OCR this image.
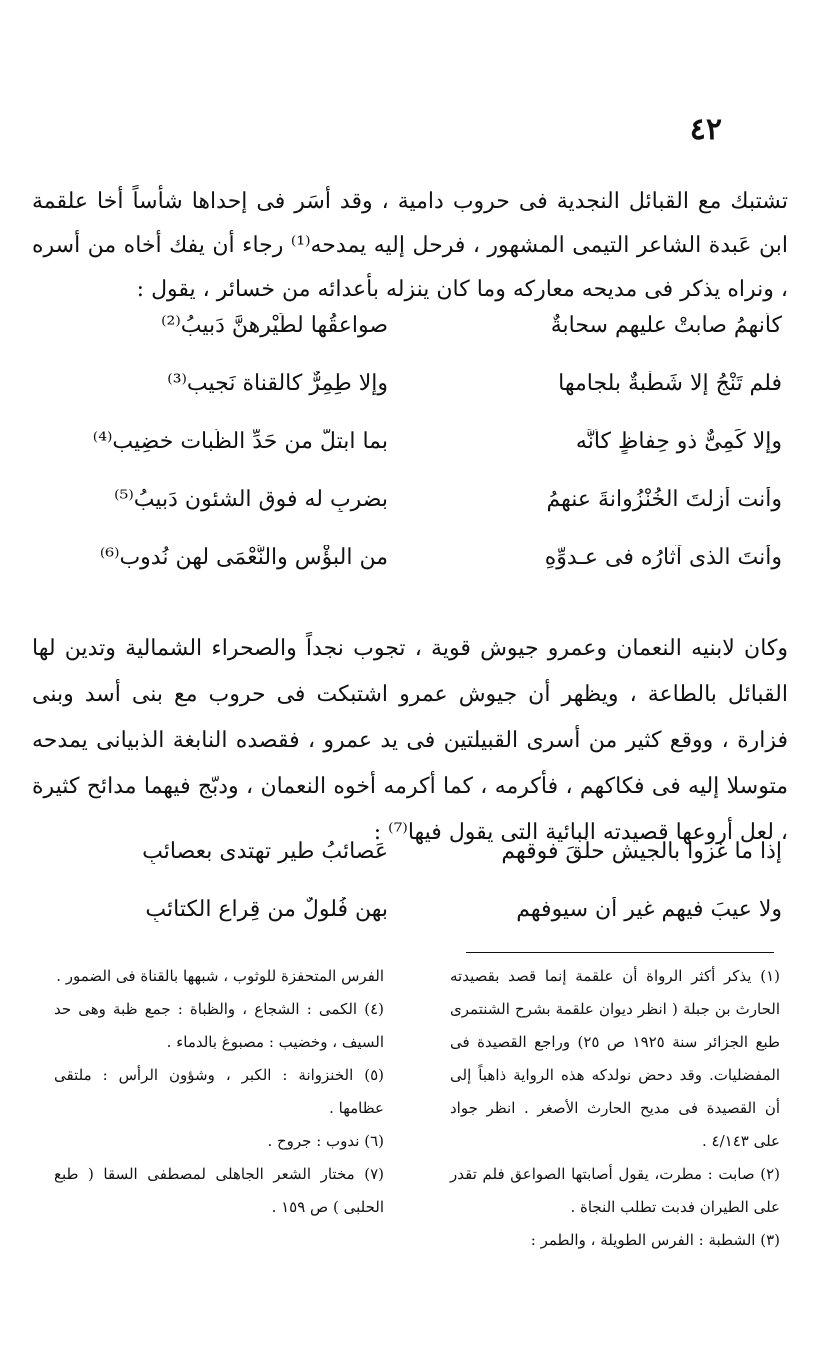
٤٢

تشتبك مع القبائل النجدية فى حروب دامية ، وقد أسَر فى إحداها شأساً أخا علقمة ابن عَبدة الشاعر التيمى المشهور ، فرحل إليه يمدحه⁽¹⁾ رجاء أن يفك أخاه من أسره ، ونراه يذكر فى مديحه معاركه وما كان ينزله بأعدائه من خسائر ، يقول :

كأنهمُ صابتْ عليهم سحابةٌ
صواعقُها لطَيْرهنَّ دَبيبُ⁽²⁾
فلم تَنْجُ إلا شَطْبةٌ بلجامها
وإلا طِمِرٌّ كالقناة نَجيب⁽³⁾
وإلا كَمِىٌّ ذو حِفاظٍ كأنَّه
بما ابتلَّ من حَدِّ الظُّبات خضِيب⁽⁴⁾
وأنت أزلتَ الخُنْزُوانةَ عنهمُ
بضربٍ له فوق الشئون دَبيبُ⁽⁵⁾
وأنتَ الذى آثارُه فى عـدوِّهِ
من البؤْس والنُّعْمَى لهن نُدوب⁽⁶⁾

وكان لابنيه النعمان وعمرو جيوش قوية ، تجوب نجداً والصحراء الشمالية وتدين لها القبائل بالطاعة ، ويظهر أن جيوش عمرو اشتبكت فى حروب مع بنى أسد وبنى فزارة ، ووقع كثير من أسرى القبيلتين فى يد عمرو ، فقصده النابغة الذبيانى يمدحه متوسلا إليه فى فكاكهم ، فأكرمه ، كما أكرمه أخوه النعمان ، ودبّج فيهما مدائح كثيرة ، لعل أروعها قصيدته البائية التى يقول فيها⁽⁷⁾ :

إذا ما غزوا بالجيش حلّقَ فوقهم
عَصائبُ طيرٍ تهتدى بعصائبِ
ولا عيبَ فيهم غير أن سيوفهم
بهن فُلولٌ من قِراعِ الكتائبِ

(١) يذكر أكثر الرواة أن علقمة إنما قصد بقصيدته الحارث بن جبلة ( انظر ديوان علقمة بشرح الشنتمرى طبع الجزائر سنة ١٩٢٥ ص ٢٥) وراجع القصيدة فى المفضليات. وقد دحض نولدكه هذه الرواية ذاهباً إلى أن القصيدة فى مديح الحارث الأصغر . انظر جواد على ٤/١٤٣ .

(٢) صابت : مطرت، يقول أصابتها الصواعق فلم تقدر على الطيران فدبت تطلب النجاة .

(٣) الشطبة : الفرس الطويلة ، والطمر :

الفرس المتحفزة للوثوب ، شبهها بالقناة فى الضمور .

(٤) الكمى : الشجاع ، والظباة : جمع ظبة وهى حد السيف ، وخضيب : مصبوغ بالدماء .

(٥) الخنزوانة : الكبر ، وشؤون الرأس : ملتقى عظامها .

(٦) ندوب : جروح .

(٧) مختار الشعر الجاهلى لمصطفى السقا ( طبع الحلبى ) ص ١٥٩ .
